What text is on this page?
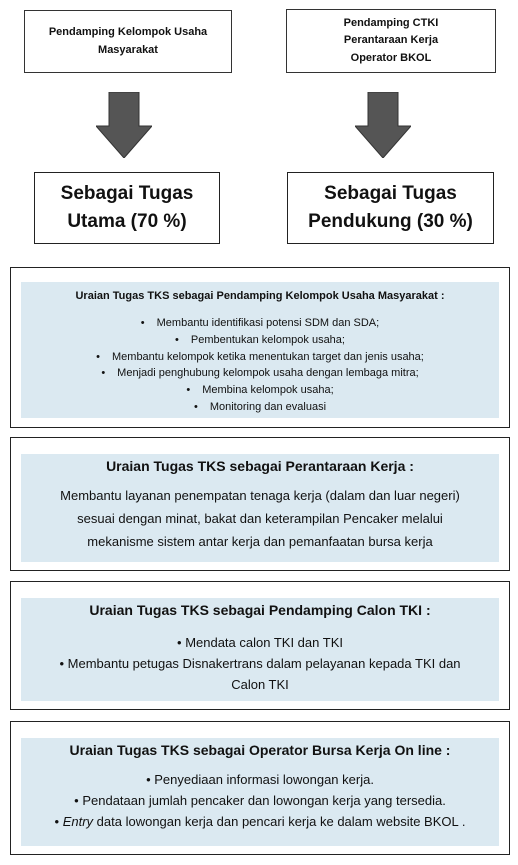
Pendamping Kelompok Usaha
Masyarakat
Pendamping CTKI
Perantaraan Kerja
Operator BKOL
Sebagai Tugas
Utama (70 %)
Sebagai Tugas
Pendukung (30 %)
Uraian Tugas TKS sebagai Pendamping Kelompok Usaha Masyarakat :
• Membantu identifikasi potensi SDM dan SDA;
• Pembentukan kelompok usaha;
• Membantu kelompok ketika menentukan target dan jenis usaha;
• Menjadi penghubung kelompok usaha dengan lembaga mitra;
• Membina kelompok usaha;
• Monitoring dan evaluasi
Uraian Tugas TKS sebagai Perantaraan Kerja :
Membantu layanan penempatan tenaga kerja (dalam dan luar negeri)
sesuai dengan minat, bakat dan keterampilan Pencaker melalui
mekanisme sistem antar kerja dan pemanfaatan bursa kerja
Uraian Tugas TKS sebagai Pendamping Calon TKI :
• Mendata calon TKI dan TKI
• Membantu petugas Disnakertrans dalam pelayanan kepada TKI dan
Calon TKI
Uraian Tugas TKS sebagai Operator Bursa Kerja On line :
• Penyediaan informasi lowongan kerja.
• Pendataan jumlah pencaker dan lowongan kerja yang tersedia.
• Entry data lowongan kerja dan pencari kerja ke dalam website BKOL .
